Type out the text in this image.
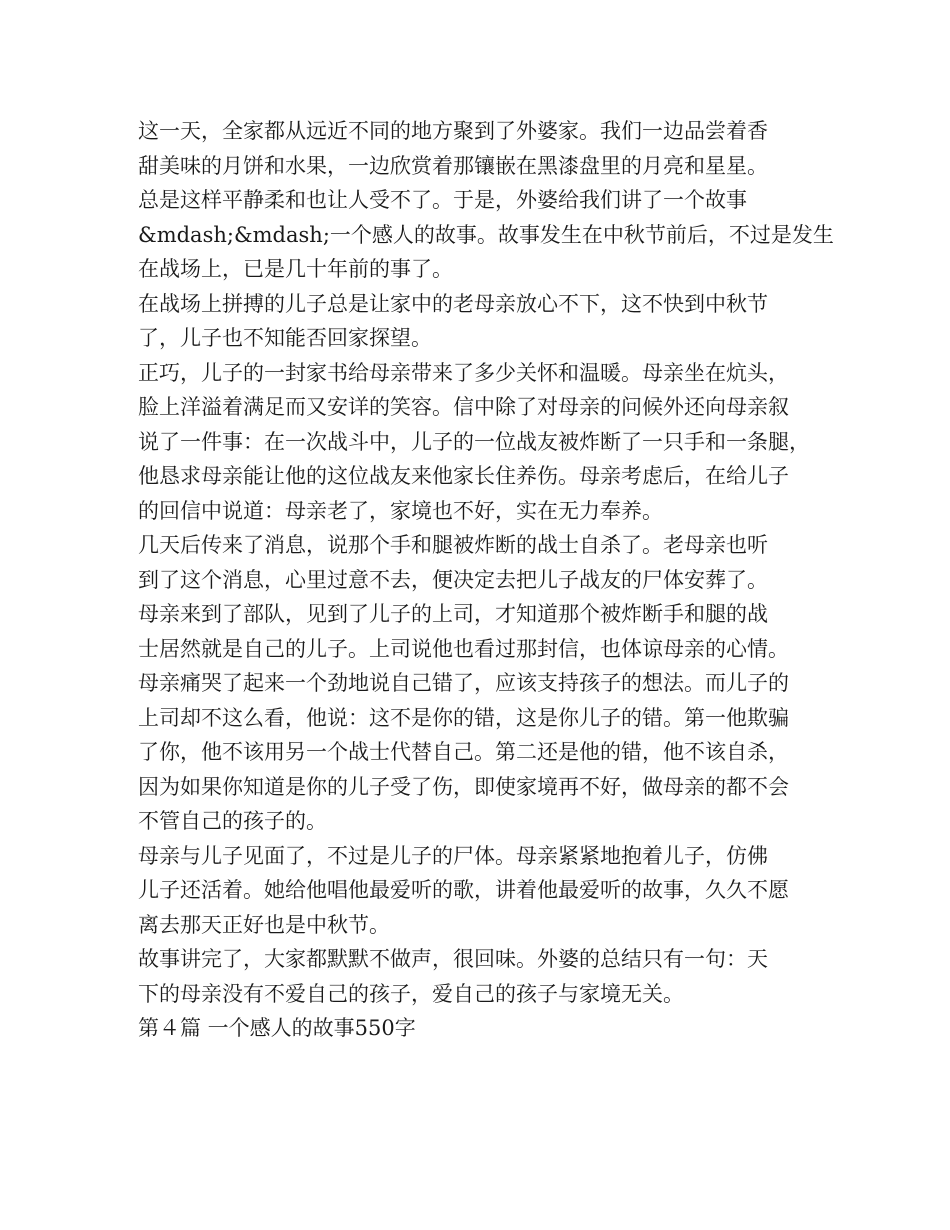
这一天，全家都从远近不同的地方聚到了外婆家。我们一边品尝着香
甜美味的月饼和水果，一边欣赏着那镶嵌在黑漆盘里的月亮和星星。
总是这样平静柔和也让人受不了。于是，外婆给我们讲了一个故事
&mdash;&mdash;一个感人的故事。故事发生在中秋节前后，不过是发生
在战场上，已是几十年前的事了。
在战场上拼搏的儿子总是让家中的老母亲放心不下，这不快到中秋节
了，儿子也不知能否回家探望。
正巧，儿子的一封家书给母亲带来了多少关怀和温暖。母亲坐在炕头，
脸上洋溢着满足而又安详的笑容。信中除了对母亲的问候外还向母亲叙
说了一件事：在一次战斗中，儿子的一位战友被炸断了一只手和一条腿，
他恳求母亲能让他的这位战友来他家长住养伤。母亲考虑后，在给儿子
的回信中说道：母亲老了，家境也不好，实在无力奉养。
几天后传来了消息，说那个手和腿被炸断的战士自杀了。老母亲也听
到了这个消息，心里过意不去，便决定去把儿子战友的尸体安葬了。
母亲来到了部队，见到了儿子的上司，才知道那个被炸断手和腿的战
士居然就是自己的儿子。上司说他也看过那封信，也体谅母亲的心情。
母亲痛哭了起来一个劲地说自己错了，应该支持孩子的想法。而儿子的
上司却不这么看，他说：这不是你的错，这是你儿子的错。第一他欺骗
了你，他不该用另一个战士代替自己。第二还是他的错，他不该自杀，
因为如果你知道是你的儿子受了伤，即使家境再不好，做母亲的都不会
不管自己的孩子的。
母亲与儿子见面了，不过是儿子的尸体。母亲紧紧地抱着儿子，仿佛
儿子还活着。她给他唱他最爱听的歌，讲着他最爱听的故事，久久不愿
离去那天正好也是中秋节。
故事讲完了，大家都默默不做声，很回味。外婆的总结只有一句：天
下的母亲没有不爱自己的孩子，爱自己的孩子与家境无关。
第４篇 一个感人的故事550字
